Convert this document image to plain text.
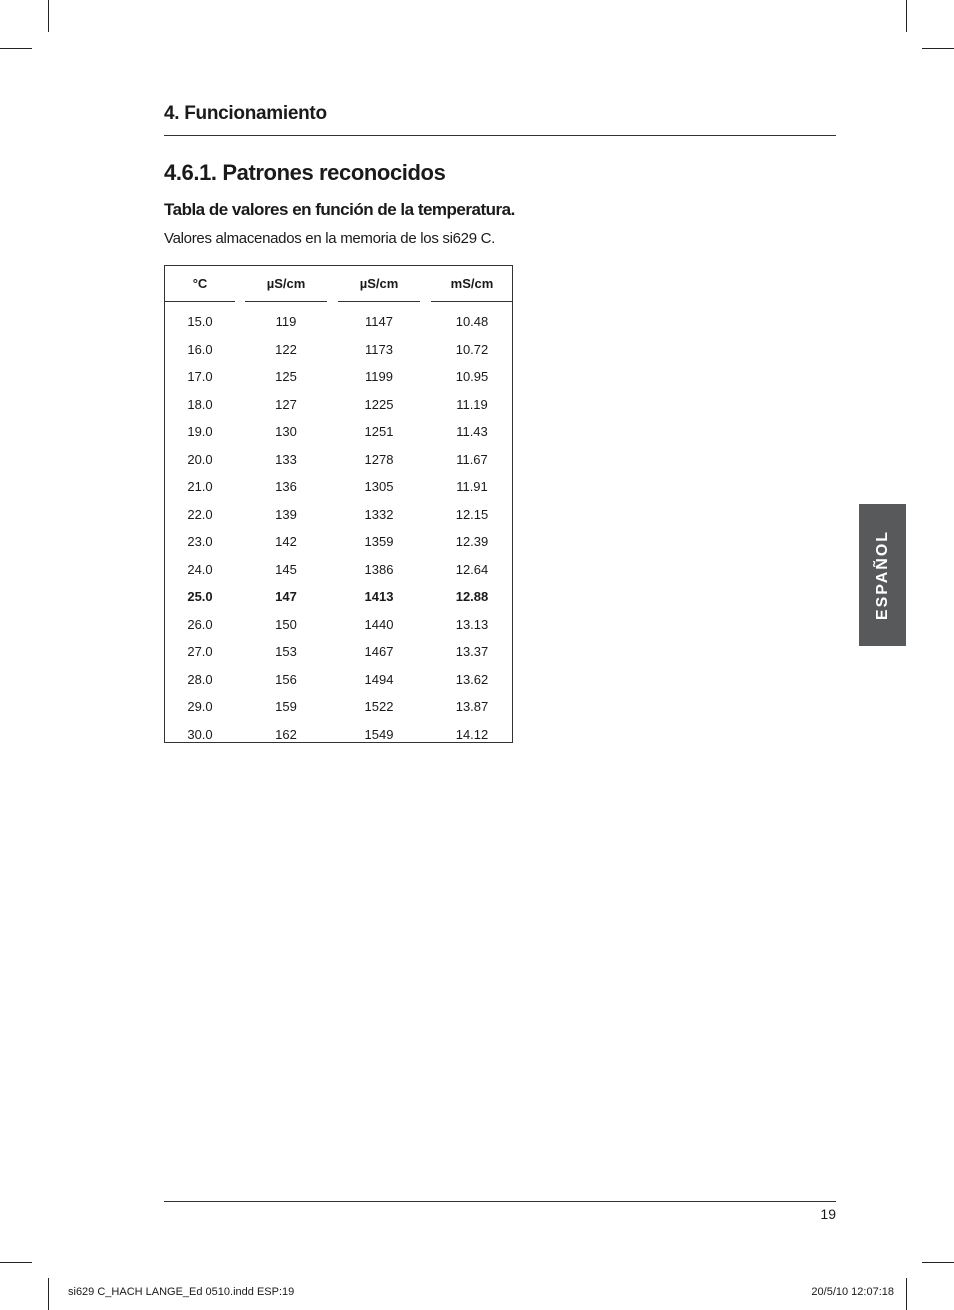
4. Funcionamiento
4.6.1. Patrones reconocidos
Tabla de valores en función de la temperatura.
Valores almacenados en la memoria de los si629 C.
°C	µS/cm	µS/cm	mS/cm
15.0	119	1147	10.48
16.0	122	1173	10.72
17.0	125	1199	10.95
18.0	127	1225	11.19
19.0	130	1251	11.43
20.0	133	1278	11.67
21.0	136	1305	11.91
22.0	139	1332	12.15
23.0	142	1359	12.39
24.0	145	1386	12.64
25.0	147	1413	12.88
26.0	150	1440	13.13
27.0	153	1467	13.37
28.0	156	1494	13.62
29.0	159	1522	13.87
30.0	162	1549	14.12
ESPAÑOL
19
si629 C_HACH LANGE_Ed 0510.indd ESP:19	20/5/10 12:07:18
